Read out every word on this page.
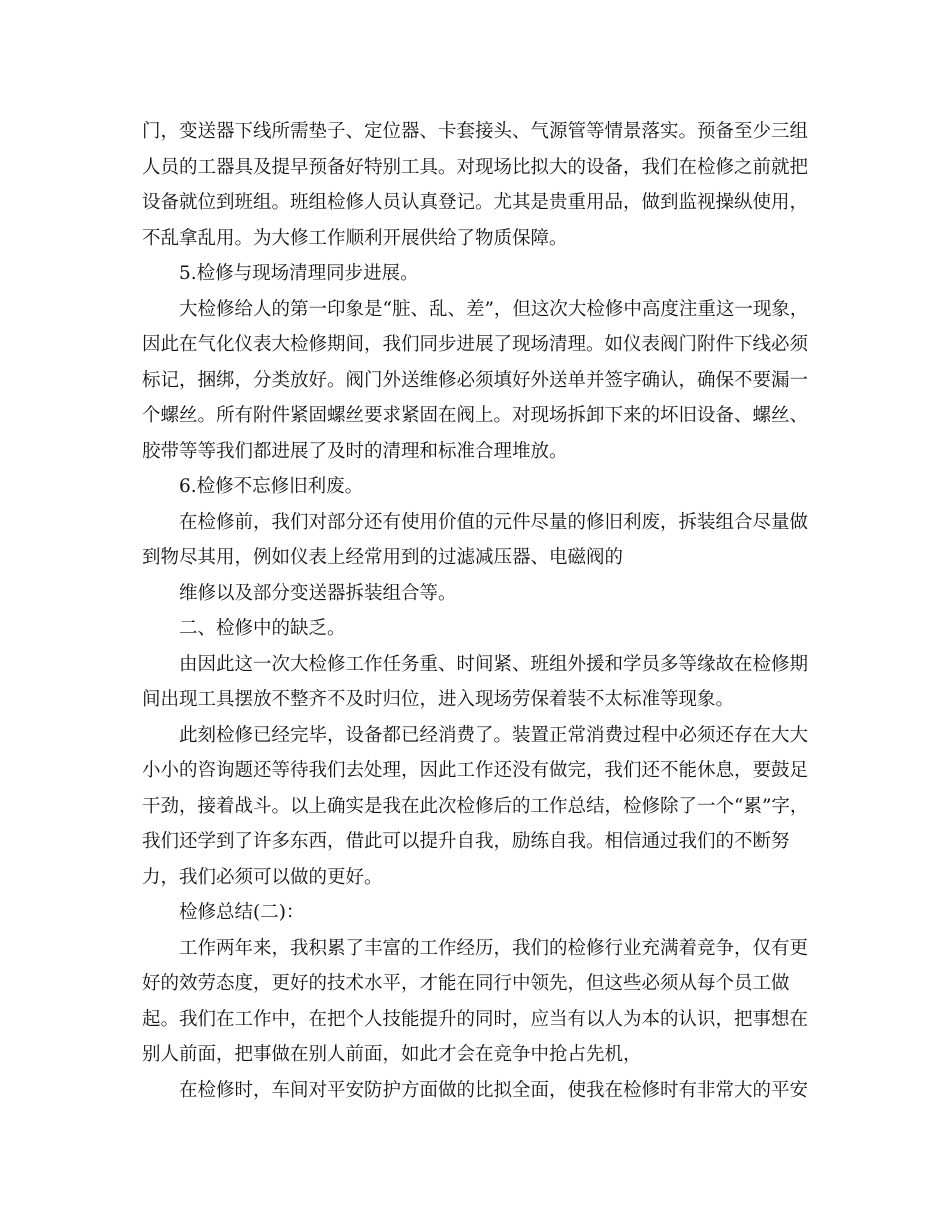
门，变送器下线所需垫子、定位器、卡套接头、气源管等情景落实。预备至少三组人员的工器具及提早预备好特别工具。对现场比拟大的设备，我们在检修之前就把设备就位到班组。班组检修人员认真登记。尤其是贵重用品，做到监视操纵使用，不乱拿乱用。为大修工作顺利开展供给了物质保障。

5.检修与现场清理同步进展。

大检修给人的第一印象是“脏、乱、差”，但这次大检修中高度注重这一现象，因此在气化仪表大检修期间，我们同步进展了现场清理。如仪表阀门附件下线必须标记，捆绑，分类放好。阀门外送维修必须填好外送单并签字确认，确保不要漏一个螺丝。所有附件紧固螺丝要求紧固在阀上。对现场拆卸下来的坏旧设备、螺丝、胶带等等我们都进展了及时的清理和标准合理堆放。

6.检修不忘修旧利废。

在检修前，我们对部分还有使用价值的元件尽量的修旧利废，拆装组合尽量做到物尽其用，例如仪表上经常用到的过滤减压器、电磁阀的

维修以及部分变送器拆装组合等。

二、检修中的缺乏。

由因此这一次大检修工作任务重、时间紧、班组外援和学员多等缘故在检修期间出现工具摆放不整齐不及时归位，进入现场劳保着装不太标准等现象。

此刻检修已经完毕，设备都已经消费了。装置正常消费过程中必须还存在大大小小的咨询题还等待我们去处理，因此工作还没有做完，我们还不能休息，要鼓足干劲，接着战斗。以上确实是我在此次检修后的工作总结，检修除了一个“累”字，我们还学到了许多东西，借此可以提升自我，励练自我。相信通过我们的不断努力，我们必须可以做的更好。

检修总结(二)：

工作两年来，我积累了丰富的工作经历，我们的检修行业充满着竞争，仅有更好的效劳态度，更好的技术水平，才能在同行中领先，但这些必须从每个员工做起。我们在工作中，在把个人技能提升的同时，应当有以人为本的认识，把事想在别人前面，把事做在别人前面，如此才会在竞争中抢占先机，

在检修时，车间对平安防护方面做的比拟全面，使我在检修时有非常大的平安
